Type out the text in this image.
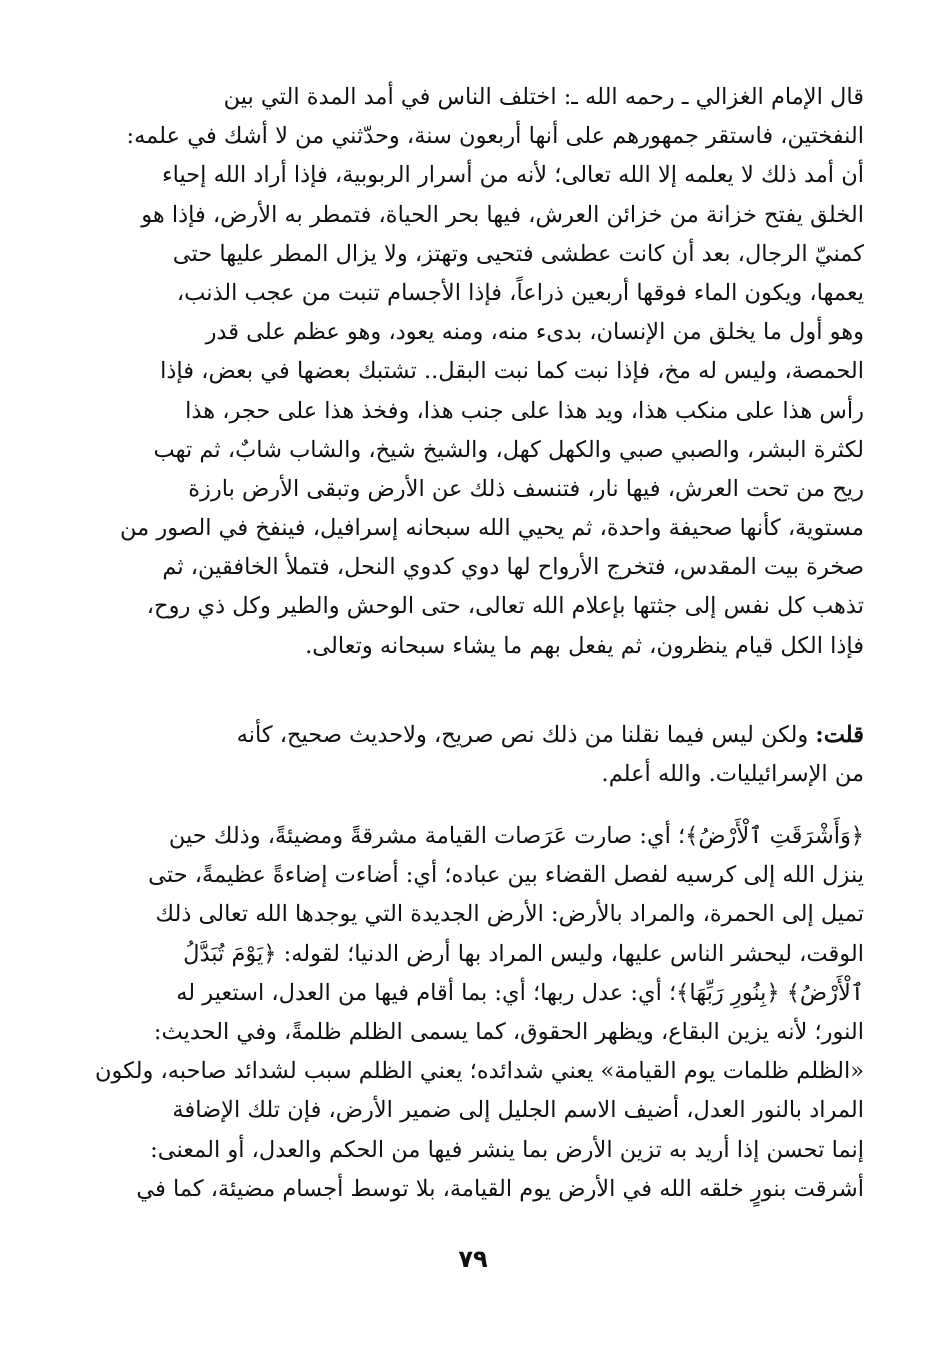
قال الإمام الغزالي ـ رحمه الله ـ: اختلف الناس في أمد المدة التي بين
النفختين، فاستقر جمهورهم على أنها أربعون سنة، وحدّثني من لا أشك في علمه:
أن أمد ذلك لا يعلمه إلا الله تعالى؛ لأنه من أسرار الربوبية، فإذا أراد الله إحياء
الخلق يفتح خزانة من خزائن العرش، فيها بحر الحياة، فتمطر به الأرض، فإذا هو
كمنيّ الرجال، بعد أن كانت عطشى فتحيى وتهتز، ولا يزال المطر عليها حتى
يعمها، ويكون الماء فوقها أربعين ذراعاً، فإذا الأجسام تنبت من عجب الذنب،
وهو أول ما يخلق من الإنسان، بدىء منه، ومنه يعود، وهو عظم على قدر
الحمصة، وليس له مخ، فإذا نبت كما نبت البقل.. تشتبك بعضها في بعض، فإذا
رأس هذا على منكب هذا، ويد هذا على جنب هذا، وفخذ هذا على حجر، هذا
لكثرة البشر، والصبي صبي والكهل كهل، والشيخ شيخ، والشاب شابٌ، ثم تهب
ريح من تحت العرش، فيها نار، فتنسف ذلك عن الأرض وتبقى الأرض بارزة
مستوية، كأنها صحيفة واحدة، ثم يحيي الله سبحانه إسرافيل، فينفخ في الصور من
صخرة بيت المقدس، فتخرج الأرواح لها دوي كدوي النحل، فتملأ الخافقين، ثم
تذهب كل نفس إلى جثتها بإعلام الله تعالى، حتى الوحش والطير وكل ذي روح،
فإذا الكل قيام ينظرون، ثم يفعل بهم ما يشاء سبحانه وتعالى.
قلت: ولكن ليس فيما نقلنا من ذلك نص صريح، ولاحديث صحيح، كأنه
من الإسرائيليات. والله أعلم.
﴿وَأَشْرَقَتِ ٱلْأَرْضُ﴾؛ أي: صارت عَرَصات القيامة مشرقةً ومضيئةً، وذلك حين
ينزل الله إلى كرسيه لفصل القضاء بين عباده؛ أي: أضاءت إضاءةً عظيمةً، حتى
تميل إلى الحمرة، والمراد بالأرض: الأرض الجديدة التي يوجدها الله تعالى ذلك
الوقت، ليحشر الناس عليها، وليس المراد بها أرض الدنيا؛ لقوله: ﴿يَوْمَ تُبَدَّلُ
ٱلْأَرْضُ﴾ ﴿بِنُورِ رَبِّهَا﴾؛ أي: عدل ربها؛ أي: بما أقام فيها من العدل، استعير له
النور؛ لأنه يزين البقاع، ويظهر الحقوق، كما يسمى الظلم ظلمةً، وفي الحديث:
«الظلم ظلمات يوم القيامة» يعني شدائده؛ يعني الظلم سبب لشدائد صاحبه، ولكون
المراد بالنور العدل، أضيف الاسم الجليل إلى ضمير الأرض، فإن تلك الإضافة
إنما تحسن إذا أريد به تزين الأرض بما ينشر فيها من الحكم والعدل، أو المعنى:
أشرقت بنورٍ خلقه الله في الأرض يوم القيامة، بلا توسط أجسام مضيئة، كما في
٧٩
